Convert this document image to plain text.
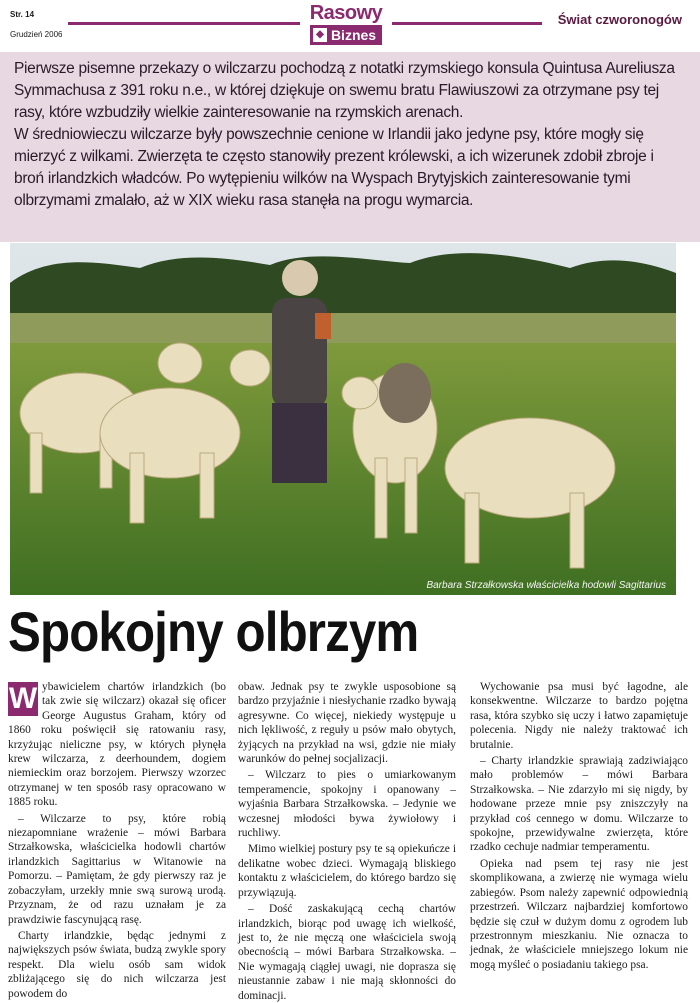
Str. 14
Grudzień 2006
Rasowy
◆ Biznes
Świat czworonogów

Pierwsze pisemne przekazy o wilczarzu pochodzą z notatki rzymskiego konsula Quintusa Aureliusza Symmachusa z 391 roku n.e., w której dziękuje on swemu bratu Flawiuszowi za otrzymane psy tej rasy, które wzbudziły wielkie zainteresowanie na rzymskich arenach.

W średniowieczu wilczarze były powszechnie cenione w Irlandii jako jedyne psy, które mogły się mierzyć z wilkami. Zwierzęta te często stanowiły prezent królewski, a ich wizerunek zdobił zbroje i broń irlandzkich władców. Po wytępieniu wilków na Wyspach Brytyjskich zainteresowanie tymi olbrzymami zmalało, aż w XIX wieku rasa stanęła na progu wymarcia.

Barbara Strzałkowska właścicielka hodowli Sagittarius
Spokojny olbrzym

W ybawicielem chartów irlandzkich (bo tak zwie się wilczarz) okazał się oficer George Augustus Graham, który od 1860 roku poświęcił się ratowaniu rasy, krzyżując nieliczne psy, w których płynęła krew wilczarza, z deerhoundem, dogiem niemieckim oraz borzojem. Pierwszy wzorzec otrzymanej w ten sposób rasy opracowano w 1885 roku.

– Wilczarze to psy, które robią niezapomniane wrażenie – mówi Barbara Strzałkowska, właścicielka hodowli chartów irlandzkich Sagittarius w Witanowie na Pomorzu. – Pamiętam, że gdy pierwszy raz je zobaczyłam, urzekły mnie swą surową urodą. Przyznam, że od razu uznałam je za prawdziwie fascynującą rasę.

Charty irlandzkie, będąc jednymi z największych psów świata, budzą zwykle spory respekt. Dla wielu osób sam widok zbliżającego się do nich wilczarza jest powodem do

obaw. Jednak psy te zwykle usposobione są bardzo przyjaźnie i niesłychanie rzadko bywają agresywne. Co więcej, niekiedy występuje u nich lękliwość, z reguły u psów mało obytych, żyjących na przykład na wsi, gdzie nie miały warunków do pełnej socjalizacji.

– Wilczarz to pies o umiarkowanym temperamencie, spokojny i opanowany – wyjaśnia Barbara Strzałkowska. – Jedynie we wczesnej młodości bywa żywiołowy i ruchliwy.

Mimo wielkiej postury psy te są opiekuńcze i delikatne wobec dzieci. Wymagają bliskiego kontaktu z właścicielem, do którego bardzo się przywiązują.

– Dość zaskakującą cechą chartów irlandzkich, biorąc pod uwagę ich wielkość, jest to, że nie męczą one właściciela swoją obecnością – mówi Barbara Strzałkowska. – Nie wymagają ciągłej uwagi, nie doprasza się nieustannie zabaw i nie mają skłonności do dominacji.

Wychowanie psa musi być łagodne, ale konsekwentne. Wilczarze to bardzo pojętna rasa, która szybko się uczy i łatwo zapamiętuje polecenia. Nigdy nie należy traktować ich brutalnie.

– Charty irlandzkie sprawiają zadziwiająco mało problemów – mówi Barbara Strzałkowska. – Nie zdarzyło mi się nigdy, by hodowane przeze mnie psy zniszczyły na przykład coś cennego w domu. Wilczarze to spokojne, przewidywalne zwierzęta, które rzadko cechuje nadmiar temperamentu.

Opieka nad psem tej rasy nie jest skomplikowana, a zwierzę nie wymaga wielu zabiegów. Psom należy zapewnić odpowiednią przestrzeń. Wilczarz najbardziej komfortowo będzie się czuł w dużym domu z ogrodem lub przestronnym mieszkaniu. Nie oznacza to jednak, że właściciele mniejszego lokum nie mogą myśleć o posiadaniu takiego psa.
